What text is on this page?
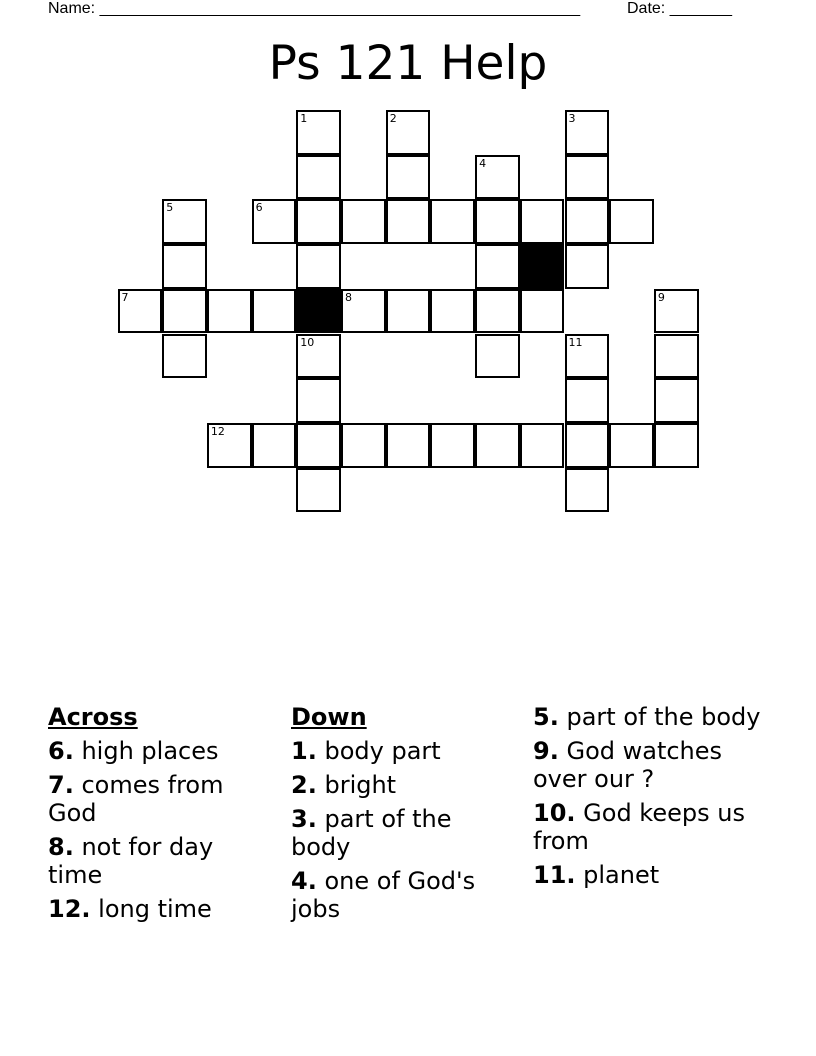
Name: ______________________________________________________	Date: _______
Ps 121 Help
1	2	3
4
5	6
7	8	9
10	11
12
Across
6. high places
7. comes from God
8. not for day time
12. long time
Down
1. body part
2. bright
3. part of the body
4. one of God's jobs
5. part of the body
9. God watches over our ?
10. God keeps us from
11. planet
